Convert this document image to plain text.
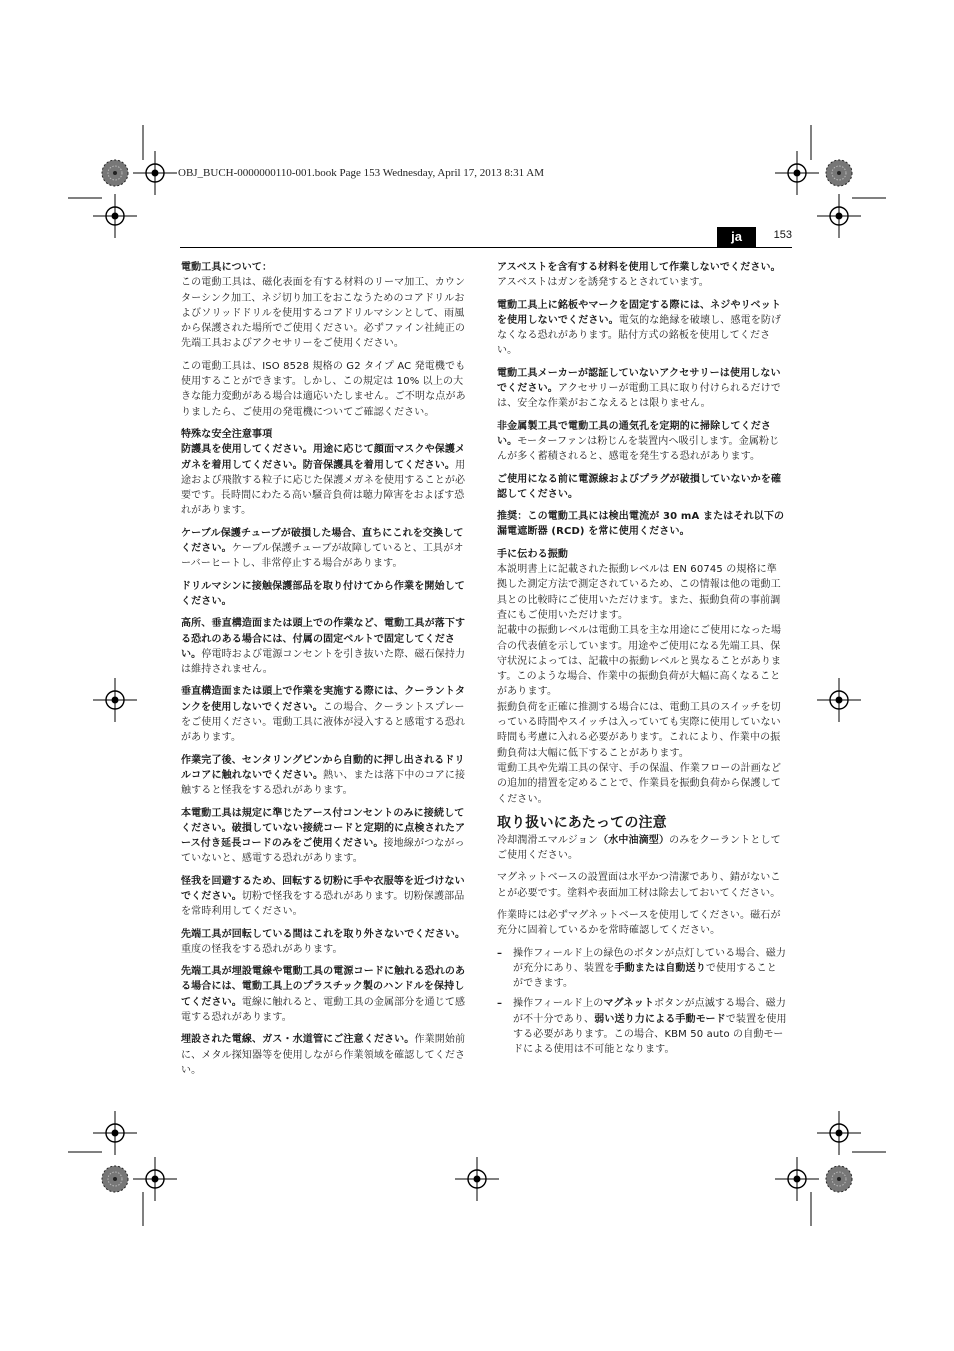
OBJ_BUCH-0000000110-001.book Page 153 Wednesday, April 17, 2013 8:31 AM
ja	153
電動工具について：

この電動工具は、磁化表面を有する材料のリーマ加工、カウンターシンク加工、ネジ切り加工をおこなうためのコアドリルおよびソリッドドリルを使用するコアドリルマシンとして、雨風から保護された場所でご使用ください。必ずファイン社純正の先端工具およびアクセサリーをご使用ください。

この電動工具は、ISO 8528 規格の G2 タイプ AC 発電機でも使用することができます。しかし、この規定は 10% 以上の大きな能力変動がある場合は適応いたしません。ご不明な点がありましたら、ご使用の発電機についてご確認ください。

特殊な安全注意事項

防護具を使用してください。用途に応じて顔面マスクや保護メガネを着用してください。防音保護具を着用してください。用途および飛散する粒子に応じた保護メガネを使用することが必要です。長時間にわたる高い騒音負荷は聴力障害をおよぼす恐れがあります。

ケーブル保護チューブが破損した場合、直ちにこれを交換してください。ケーブル保護チューブが故障していると、工具がオーバーヒートし、非常停止する場合があります。

ドリルマシンに接触保護部品を取り付けてから作業を開始してください。

高所、垂直構造面または頭上での作業など、電動工具が落下する恐れのある場合には、付属の固定ベルトで固定してください。停電時および電源コンセントを引き抜いた際、磁石保持力は維持されません。

垂直構造面または頭上で作業を実施する際には、クーラントタンクを使用しないでください。この場合、クーラントスプレーをご使用ください。電動工具に液体が浸入すると感電する恐れがあります。

作業完了後、センタリングピンから自動的に押し出されるドリルコアに触れないでください。熱い、または落下中のコアに接触すると怪我をする恐れがあります。

本電動工具は規定に準じたアース付コンセントのみに接続してください。破損していない接続コードと定期的に点検されたアース付き延長コードのみをご使用ください。接地線がつながっていないと、感電する恐れがあります。

怪我を回避するため、回転する切粉に手や衣服等を近づけないでください。切粉で怪我をする恐れがあります。切粉保護部品を常時利用してください。

先端工具が回転している間はこれを取り外さないでください。重度の怪我をする恐れがあります。

先端工具が埋設電線や電動工具の電源コードに触れる恐れのある場合には、電動工具上のプラスチック製のハンドルを保持してください。電線に触れると、電動工具の金属部分を通じて感電する恐れがあります。

埋設された電線、ガス・水道管にご注意ください。作業開始前に、メタル探知器等を使用しながら作業領域を確認してください。

アスベストを含有する材料を使用して作業しないでください。アスベストはガンを誘発するとされています。

電動工具上に銘板やマークを固定する際には、ネジやリベットを使用しないでください。電気的な絶縁を破壊し、感電を防げなくなる恐れがあります。貼付方式の銘板を使用してください。

電動工具メーカーが認証していないアクセサリーは使用しないでください。アクセサリーが電動工具に取り付けられるだけでは、安全な作業がおこなえるとは限りません。

非金属製工具で電動工具の通気孔を定期的に掃除してください。モーターファンは粉じんを装置内へ吸引します。金属粉じんが多く蓄積されると、感電を発生する恐れがあります。

ご使用になる前に電源線およびプラグが破損していないかを確認してください。

推奨：この電動工具には検出電流が 30 mA またはそれ以下の漏電遮断器 (RCD) を常に使用ください。

手に伝わる振動
本説明書上に記載された振動レベルは EN 60745 の規格に準拠した測定方法で測定されているため、この情報は他の電動工具との比較時にご使用いただけます。また、振動負荷の事前調査にもご使用いただけます。
記載中の振動レベルは電動工具を主な用途にご使用になった場合の代表値を示しています。用途やご使用になる先端工具、保守状況によっては、記載中の振動レベルと異なることがあります。このような場合、作業中の振動負荷が大幅に高くなることがあります。
振動負荷を正確に推測する場合には、電動工具のスイッチを切っている時間やスイッチは入っていても実際に使用していない時間も考慮に入れる必要があります。これにより、作業中の振動負荷は大幅に低下することがあります。

電動工具や先端工具の保守、手の保温、作業フローの計画などの追加的措置を定めることで、作業員を振動負荷から保護してください。

取り扱いにあたっての注意

冷却潤滑エマルジョン（水中油滴型）のみをクーラントとしてご使用ください。

マグネットベースの設置面は水平かつ清潔であり、錆がないことが必要です。塗料や表面加工材は除去しておいてください。

作業時には必ずマグネットベースを使用してください。磁石が充分に固着しているかを常時確認してください。

–	操作フィールド上の緑色のボタンが点灯している場合、磁力が充分にあり、装置を手動または自動送りで使用することができます。
–	操作フィールド上のマグネットボタンが点滅する場合、磁力が不十分であり、弱い送り力による手動モードで装置を使用する必要があります。この場合、KBM 50 auto の自動モードによる使用は不可能となります。
